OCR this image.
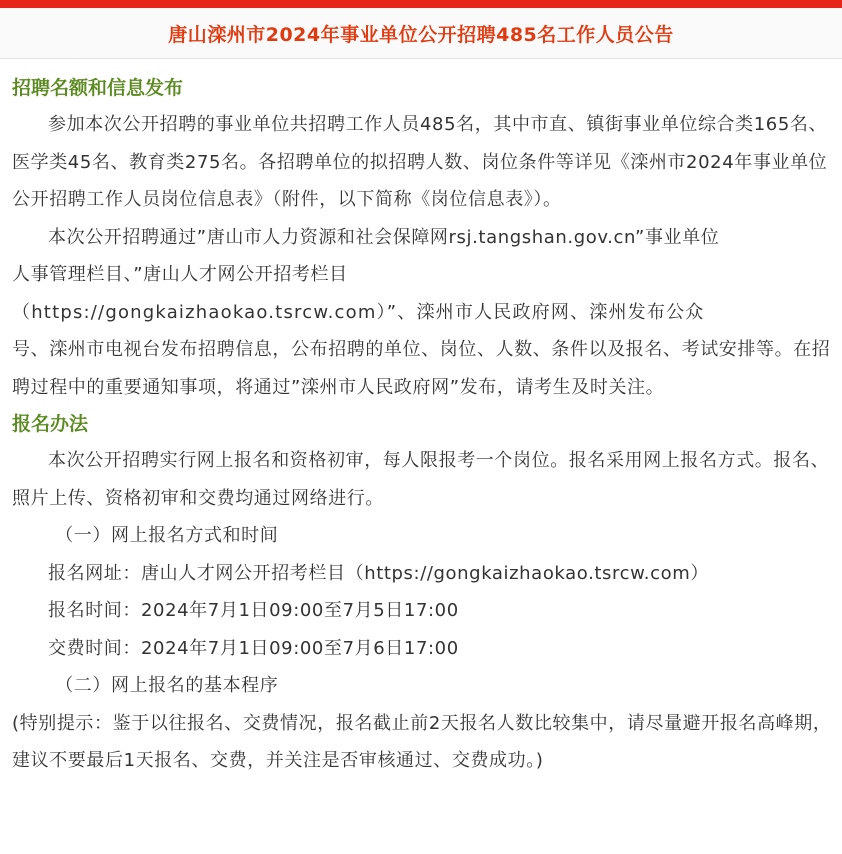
唐山滦州市2024年事业单位公开招聘485名工作人员公告
招聘名额和信息发布

参加本次公开招聘的事业单位共招聘工作人员485名，其中市直、镇街事业单位综合类165名、医学类45名、教育类275名。各招聘单位的拟招聘人数、岗位条件等详见《滦州市2024年事业单位公开招聘工作人员岗位信息表》（附件，以下简称《岗位信息表》）。

本次公开招聘通过”唐山市人力资源和社会保障网rsj.tangshan.gov.cn”事业单位
人事管理栏目、”唐山人才网公开招考栏目
（https://gongkaizhaokao.tsrcw.com）”、滦州市人民政府网、滦州发布公众

号、滦州市电视台发布招聘信息，公布招聘的单位、岗位、人数、条件以及报名、考试安排等。在招聘过程中的重要通知事项，将通过”滦州市人民政府网”发布，请考生及时关注。

报名办法

本次公开招聘实行网上报名和资格初审，每人限报考一个岗位。报名采用网上报名方式。报名、照片上传、资格初审和交费均通过网络进行。

（一）网上报名方式和时间
报名网址：唐山人才网公开招考栏目（https://gongkaizhaokao.tsrcw.com）
报名时间：2024年7月1日09:00至7月5日17:00
交费时间：2024年7月1日09:00至7月6日17:00
（二）网上报名的基本程序

(特别提示：鉴于以往报名、交费情况，报名截止前2天报名人数比较集中，请尽量避开报名高峰期，建议不要最后1天报名、交费，并关注是否审核通过、交费成功。)
